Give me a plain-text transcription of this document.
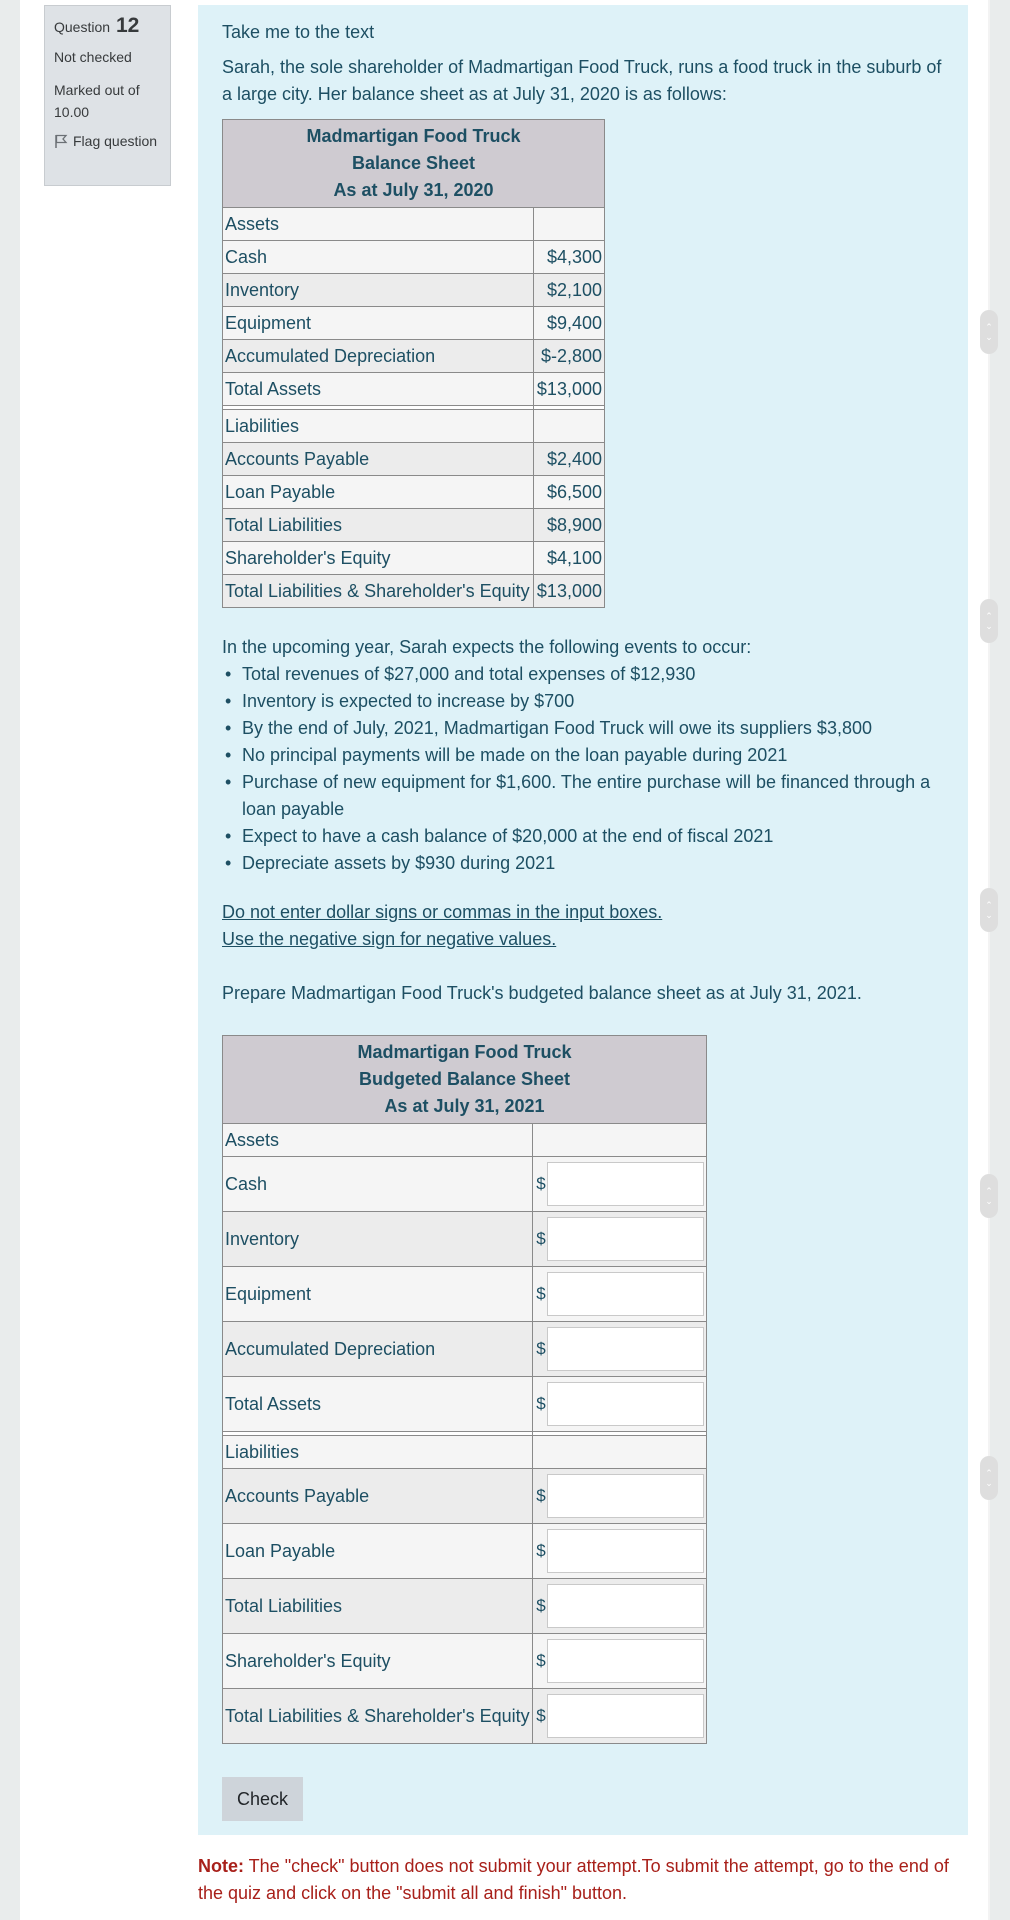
Question 12
Not checked
Marked out of 10.00
Flag question
Take me to the text
Sarah, the sole shareholder of Madmartigan Food Truck, runs a food truck in the suburb of a large city. Her balance sheet as at July 31, 2020 is as follows:
Madmartigan Food Truck
Balance Sheet
As at July 31, 2020	

Assets	
Cash	$4,300
Inventory	$2,100
Equipment	$9,400
Accumulated Depreciation	$-2,800
Total Assets	$13,000

Liabilities	
Accounts Payable	$2,400
Loan Payable	$6,500
Total Liabilities	$8,900
Shareholder's Equity	$4,100
Total Liabilities & Shareholder's Equity	$13,000
In the upcoming year, Sarah expects the following events to occur:
• Total revenues of $27,000 and total expenses of $12,930
• Inventory is expected to increase by $700
• By the end of July, 2021, Madmartigan Food Truck will owe its suppliers $3,800
• No principal payments will be made on the loan payable during 2021
• Purchase of new equipment for $1,600. The entire purchase will be financed through a loan payable
• Expect to have a cash balance of $20,000 at the end of fiscal 2021
• Depreciate assets by $930 during 2021
Do not enter dollar signs or commas in the input boxes.
Use the negative sign for negative values.
Prepare Madmartigan Food Truck's budgeted balance sheet as at July 31, 2021.
Madmartigan Food Truck
Budgeted Balance Sheet
As at July 31, 2021	

Assets	
Cash	$

Inventory	$

Equipment	$

Accumulated Depreciation	$

Total Assets	$

Liabilities	
Accounts Payable	$

Loan Payable	$

Total Liabilities	$

Shareholder's Equity	$

Total Liabilities & Shareholder's Equity	$
Check
Note: The "check" button does not submit your attempt.To submit the attempt, go to the end of the quiz and click on the "submit all and finish" button.
⌃
⌄
⌃
⌄
⌃
⌄
⌃
⌄
⌃
⌄
